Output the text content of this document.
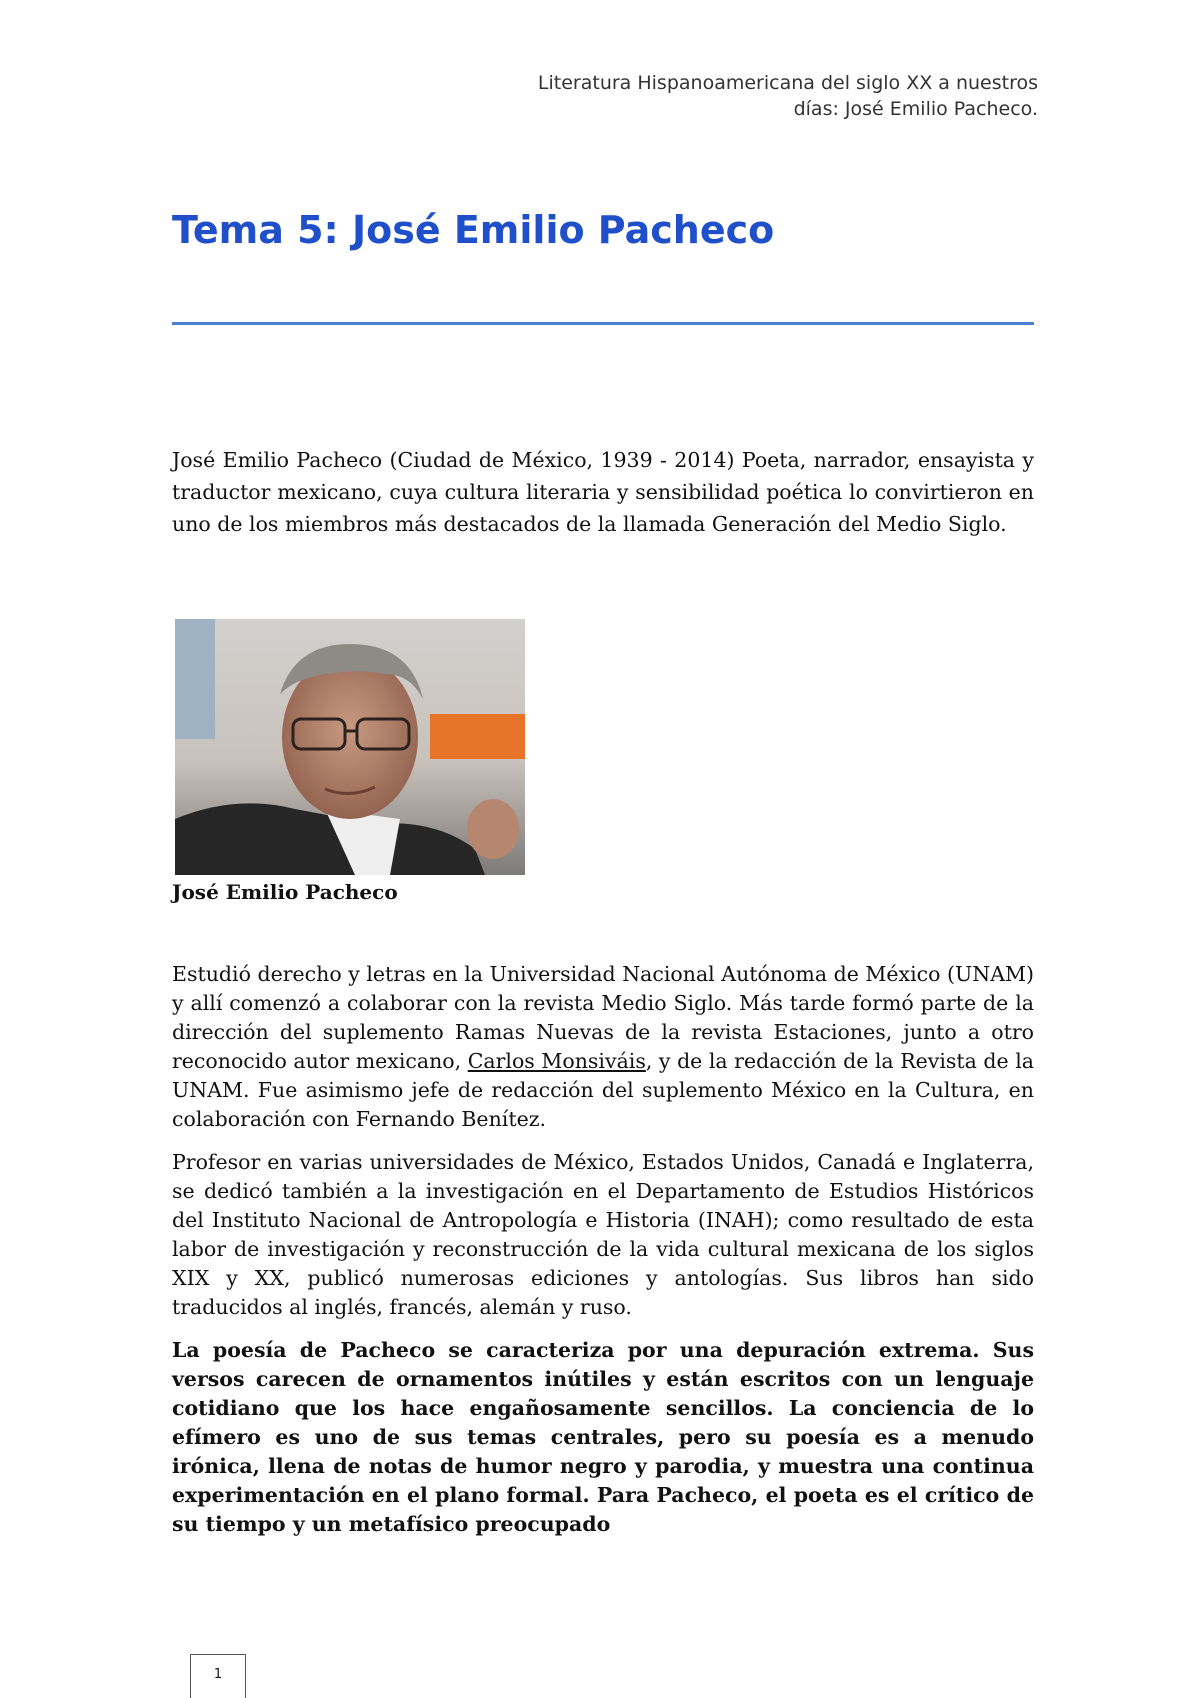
Literatura Hispanoamericana del siglo XX a nuestros días: José Emilio Pacheco.
Tema 5: José Emilio Pacheco

José Emilio Pacheco (Ciudad de México, 1939 - 2014) Poeta, narrador, ensayista y traductor mexicano, cuya cultura literaria y sensibilidad poética lo convirtieron en uno de los miembros más destacados de la llamada Generación del Medio Siglo.

José Emilio Pacheco

Estudió derecho y letras en la Universidad Nacional Autónoma de México (UNAM) y allí comenzó a colaborar con la revista Medio Siglo. Más tarde formó parte de la dirección del suplemento Ramas Nuevas de la revista Estaciones, junto a otro reconocido autor mexicano, Carlos Monsiváis, y de la redacción de la Revista de la UNAM. Fue asimismo jefe de redacción del suplemento México en la Cultura, en colaboración con Fernando Benítez.

Profesor en varias universidades de México, Estados Unidos, Canadá e Inglaterra, se dedicó también a la investigación en el Departamento de Estudios Históricos del Instituto Nacional de Antropología e Historia (INAH); como resultado de esta labor de investigación y reconstrucción de la vida cultural mexicana de los siglos XIX y XX, publicó numerosas ediciones y antologías. Sus libros han sido traducidos al inglés, francés, alemán y ruso.

La poesía de Pacheco se caracteriza por una depuración extrema. Sus versos carecen de ornamentos inútiles y están escritos con un lenguaje cotidiano que los hace engañosamente sencillos. La conciencia de lo efímero es uno de sus temas centrales, pero su poesía es a menudo irónica, llena de notas de humor negro y parodia, y muestra una continua experimentación en el plano formal. Para Pacheco, el poeta es el crítico de su tiempo y un metafísico preocupado

1
